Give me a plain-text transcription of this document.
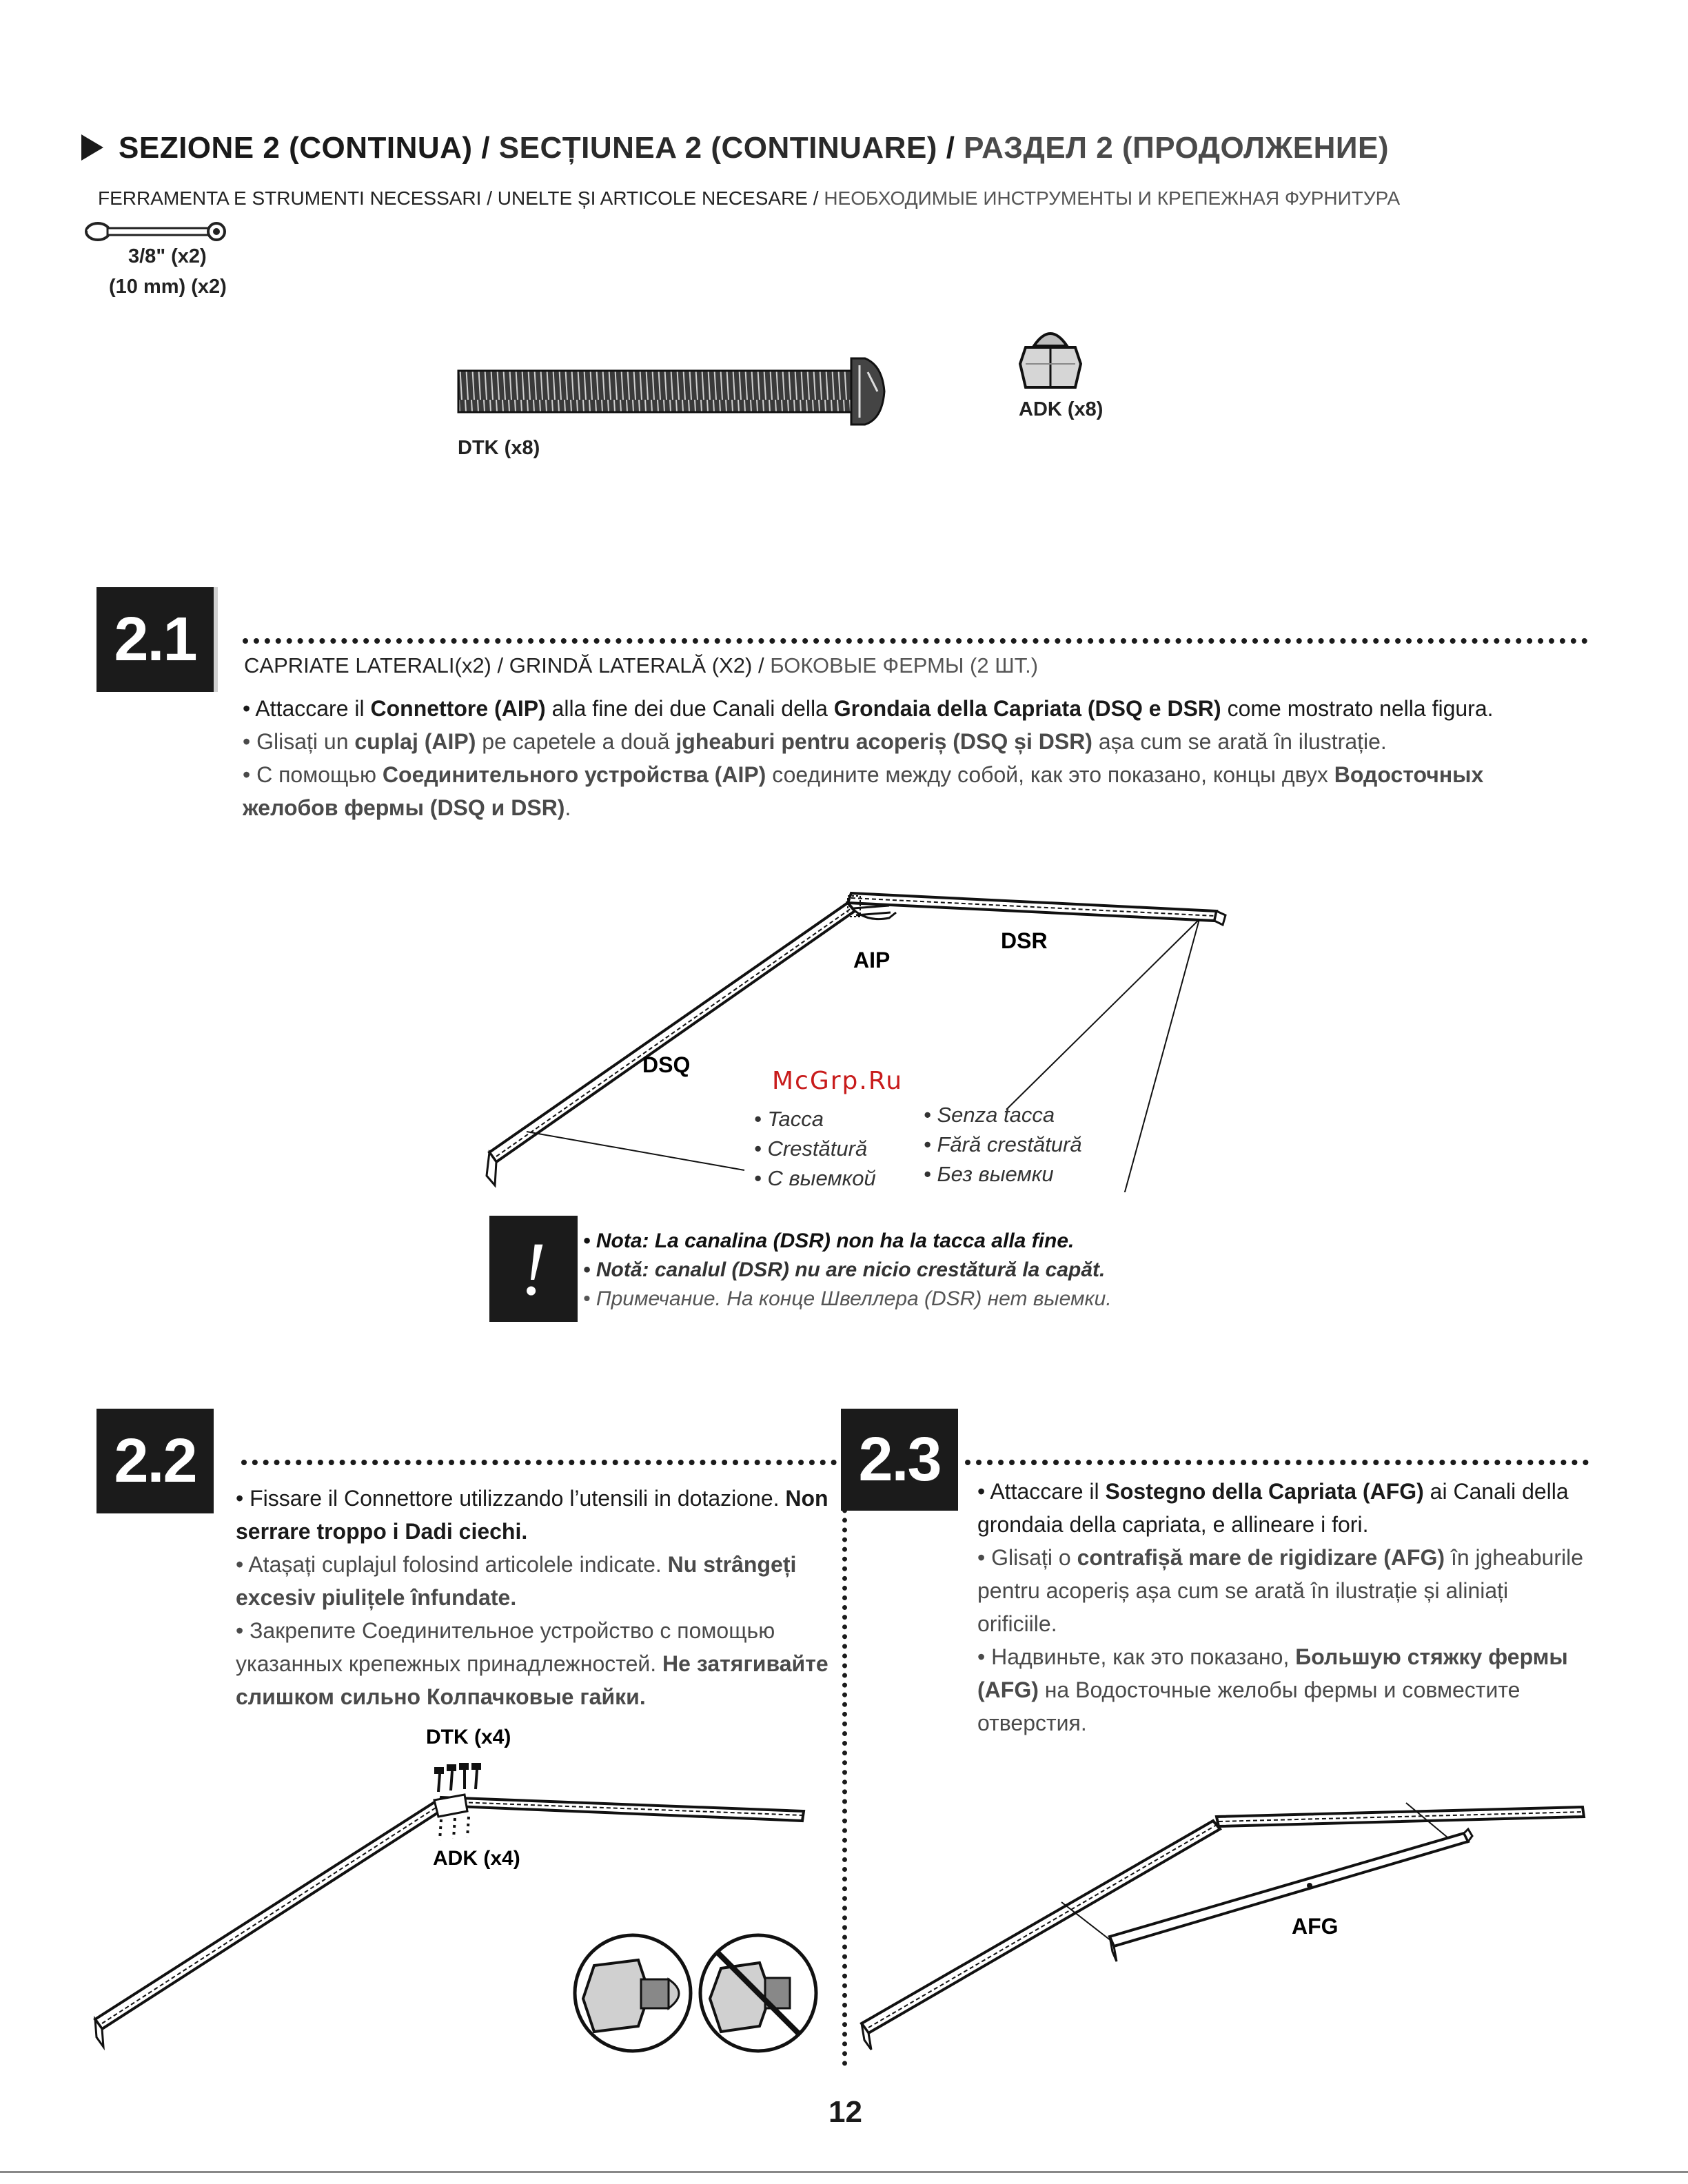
SEZIONE 2 (CONTINUA) / SECȚIUNEA 2 (CONTINUARE) / РАЗДЕЛ 2 (ПРОДОЛЖЕНИЕ)
FERRAMENTA E STRUMENTI NECESSARI / UNELTE ȘI ARTICOLE NECESARE / НЕОБХОДИМЫЕ ИНСТРУМЕНТЫ И КРЕПЕЖНАЯ ФУРНИТУРА
3/8" (x2)
(10 mm) (x2)
DTK (x8)
ADK (x8)
2.1	CAPRIATE LATERALI(x2) / GRINDĂ LATERALĂ (X2) / БОКОВЫЕ ФЕРМЫ (2 ШТ.)
• Attaccare il Connettore (AIP) alla fine dei due Canali della Grondaia della Capriata (DSQ e DSR) come mostrato nella figura.
• Glisați un cuplaj (AIP) pe capetele a două jgheaburi pentru acoperiș (DSQ și DSR) așa cum se arată în ilustrație.
• С помощью Соединительного устройства (AIP) соедините между собой, как это показано, концы двух Водосточных желобов фермы (DSQ и DSR).
AIP
DSR
DSQ
McGrp.Ru
• Tacca
• Crestătură
• С выемкой
• Senza tacca
• Fără crestătură
• Без выемки
!	• Nota: La canalina (DSR) non ha la tacca alla fine.
• Notă: canalul (DSR) nu are nicio crestătură la capăt.
• Примечание. На конце Швеллера (DSR) нет выемки.
2.2
• Fissare il Connettore utilizzando l’utensili in dotazione. Non serrare troppo i Dadi ciechi.
• Atașați cuplajul folosind articolele indicate. Nu strângeți excesiv piulițele înfundate.
• Закрепите Соединительное устройство с помощью указанных крепежных принадлежностей. Не затягивайте слишком сильно Колпачковые гайки.
DTK (x4)
ADK (x4)
2.3	• Attaccare il Sostegno della Capriata (AFG) ai Canali della grondaia della capriata, e allineare i fori.
• Glisați o contrafișă mare de rigidizare (AFG) în jgheaburile pentru acoperiș așa cum se arată în ilustrație și aliniați orificiile.
• Надвиньте, как это показано, Большую стяжку фермы (AFG) на Водосточные желобы фермы и совместите отверстия.
AFG
12
